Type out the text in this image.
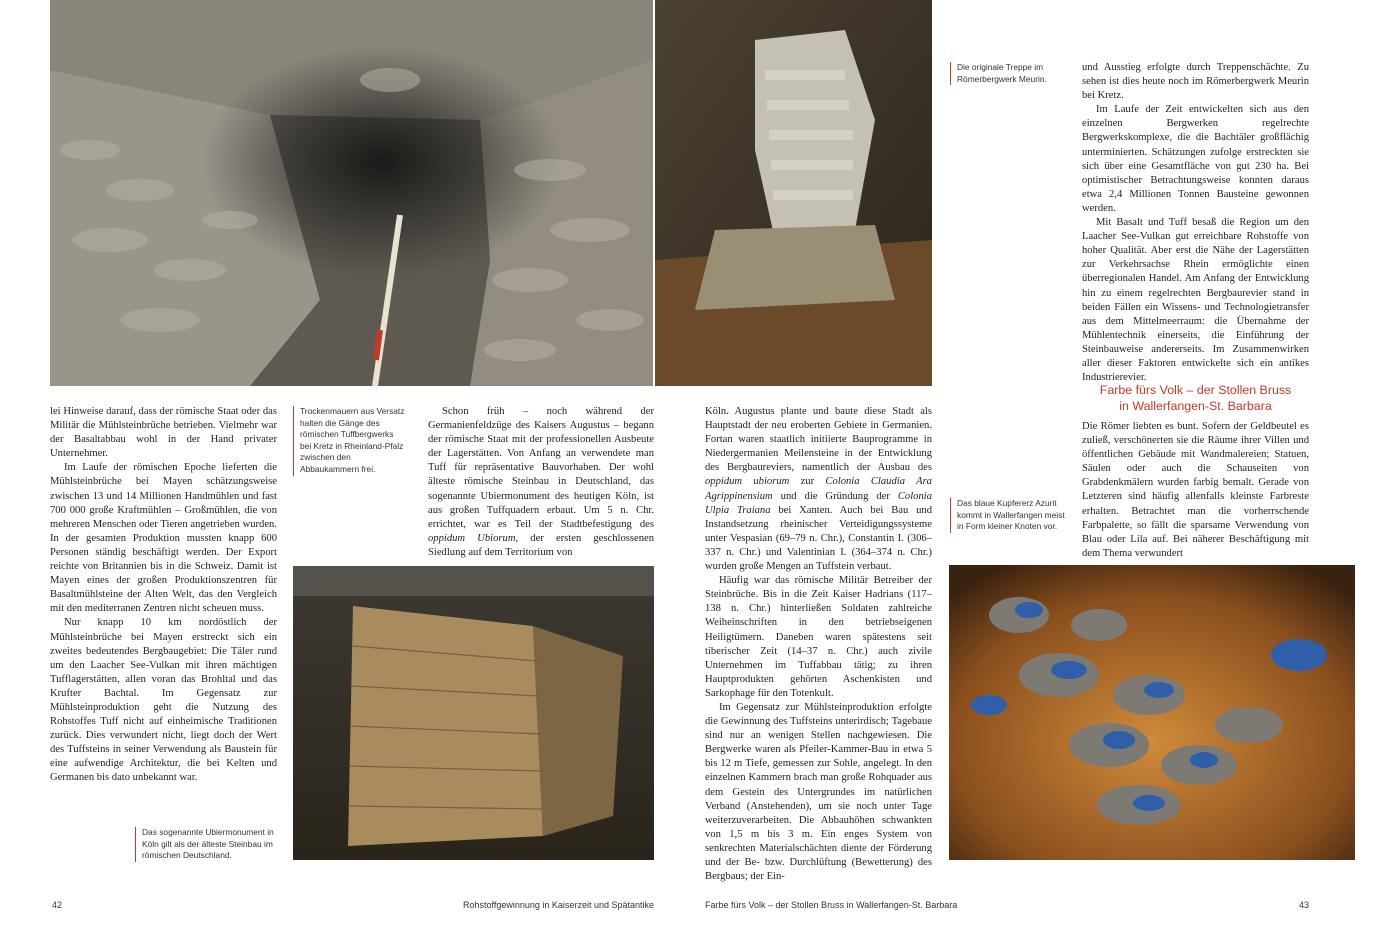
Die originale Treppe im Römerbergwerk Meurin.
Trockenmauern aus Versatz halten die Gänge des römischen Tuffbergwerks bei Kretz in Rheinland-Pfalz zwischen den Abbaukammern frei.
Das blaue Kupfererz Azurit kommt in Wallerfangen meist in Form kleiner Knoten vor.
Das sogenannte Ubiermonument in Köln gilt als der älteste Steinbau im römischen Deutschland.

lei Hinweise darauf, dass der römische Staat oder das Militär die Mühlsteinbrüche betrieben. Vielmehr war der Basaltabbau wohl in der Hand privater Unternehmer.

Im Laufe der römischen Epoche lieferten die Mühlsteinbrüche bei Mayen schätzungsweise zwischen 13 und 14 Millionen Handmühlen und fast 700 000 große Kraftmühlen – Großmühlen, die von mehreren Menschen oder Tieren angetrieben wurden. In der gesamten Produktion mussten knapp 600 Personen ständig beschäftigt werden. Der Export reichte von Britannien bis in die Schweiz. Damit ist Mayen eines der großen Produktionszentren für Basaltmühlsteine der Alten Welt, das den Vergleich mit den mediterranen Zentren nicht scheuen muss.

Nur knapp 10 km nordöstlich der Mühlsteinbrüche bei Mayen erstreckt sich ein zweites bedeutendes Bergbaugebiet: Die Täler rund um den Laacher See-Vulkan mit ihren mächtigen Tufflagerstätten, allen voran das Brohltal und das Krufter Bachtal. Im Gegensatz zur Mühlsteinproduktion geht die Nutzung des Rohstoffes Tuff nicht auf einheimische Traditionen zurück. Dies verwundert nicht, liegt doch der Wert des Tuffsteins in seiner Verwendung als Baustein für eine aufwendige Architektur, die bei Kelten und Germanen bis dato unbekannt war.

Schon früh – noch während der Germanienfeldzüge des Kaisers Augustus – begann der römische Staat mit der professionellen Ausbeute der Lagerstätten. Von Anfang an verwendete man Tuff für repräsentative Bauvorhaben. Der wohl älteste römische Steinbau in Deutschland, das sogenannte Ubiermonument des heutigen Köln, ist aus großen Tuffquadern erbaut. Um 5 n. Chr. errichtet, war es Teil der Stadtbefestigung des oppidum Ubiorum, der ersten geschlossenen Siedlung auf dem Territorium von

Köln. Augustus plante und baute diese Stadt als Hauptstadt der neu eroberten Gebiete in Germanien. Fortan waren staatlich initiierte Bauprogramme in Niedergermanien Meilensteine in der Entwicklung des Bergbaureviers, namentlich der Ausbau des oppidum ubiorum zur Colonia Claudia Ara Agrippinensium und die Gründung der Colonia Ulpia Traiana bei Xanten. Auch bei Bau und Instandsetzung rheinischer Verteidigungssysteme unter Vespasian (69–79 n. Chr.), Constantin I. (306–337 n. Chr.) und Valentinian I. (364–374 n. Chr.) wurden große Mengen an Tuffstein verbaut.

Häufig war das römische Militär Betreiber der Steinbrüche. Bis in die Zeit Kaiser Hadrians (117–138 n. Chr.) hinterließen Soldaten zahlreiche Weiheinschriften in den betriebseigenen Heiligtümern. Daneben waren spätestens seit tiberischer Zeit (14–37 n. Chr.) auch zivile Unternehmen im Tuffabbau tätig; zu ihren Hauptprodukten gehörten Aschenkisten und Sarkophage für den Totenkult.

Im Gegensatz zur Mühlsteinproduktion erfolgte die Gewinnung des Tuffsteins unterirdisch; Tagebaue sind nur an wenigen Stellen nachgewiesen. Die Bergwerke waren als Pfeiler-Kammer-Bau in etwa 5 bis 12 m Tiefe, gemessen zur Sohle, angelegt. In den einzelnen Kammern brach man große Rohquader aus dem Gestein des Untergrundes im natürlichen Verband (Anstehenden), um sie noch unter Tage weiterzuverarbeiten. Die Abbauhöhen schwankten von 1,5 m bis 3 m. Ein enges System von senkrechten Materialschächten diente der Förderung und der Be- bzw. Durchlüftung (Bewetterung) des Bergbaus; der Ein-

und Ausstieg erfolgte durch Treppenschächte. Zu sehen ist dies heute noch im Römerbergwerk Meurin bei Kretz.

Im Laufe der Zeit entwickelten sich aus den einzelnen Bergwerken regelrechte Bergwerkskomplexe, die die Bachtäler großflächig unterminierten. Schätzungen zufolge erstreckten sie sich über eine Gesamtfläche von gut 230 ha. Bei optimistischer Betrachtungsweise konnten daraus etwa 2,4 Millionen Tonnen Bausteine gewonnen werden.

Mit Basalt und Tuff besaß die Region um den Laacher See-Vulkan gut erreichbare Rohstoffe von hoher Qualität. Aber erst die Nähe der Lagerstätten zur Verkehrsachse Rhein ermöglichte einen überregionalen Handel. Am Anfang der Entwicklung hin zu einem regelrechten Bergbaurevier stand in beiden Fällen ein Wissens- und Technologietransfer aus dem Mittelmeerraum: die Übernahme der Mühlentechnik einerseits, die Einführung der Steinbauweise andererseits. Im Zusammenwirken aller dieser Faktoren entwickelte sich ein antikes Industrierevier.

Farbe fürs Volk – der Stollen Bruss
in Wallerfangen-St. Barbara

Die Römer liebten es bunt. Sofern der Geldbeutel es zuließ, verschönerten sie die Räume ihrer Villen und öffentlichen Gebäude mit Wandmalereien; Statuen, Säulen oder auch die Schauseiten von Grabdenkmälern wurden farbig bemalt. Gerade von Letzteren sind häufig allenfalls kleinste Farbreste erhalten. Betrachtet man die vorherrschende Farbpalette, so fällt die sparsame Verwendung von Blau oder Lila auf. Bei näherer Beschäftigung mit dem Thema verwundert

42	Rohstoffgewinnung in Kaiserzeit und Spätantike	Farbe fürs Volk – der Stollen Bruss in Wallerfangen-St. Barbara	43
